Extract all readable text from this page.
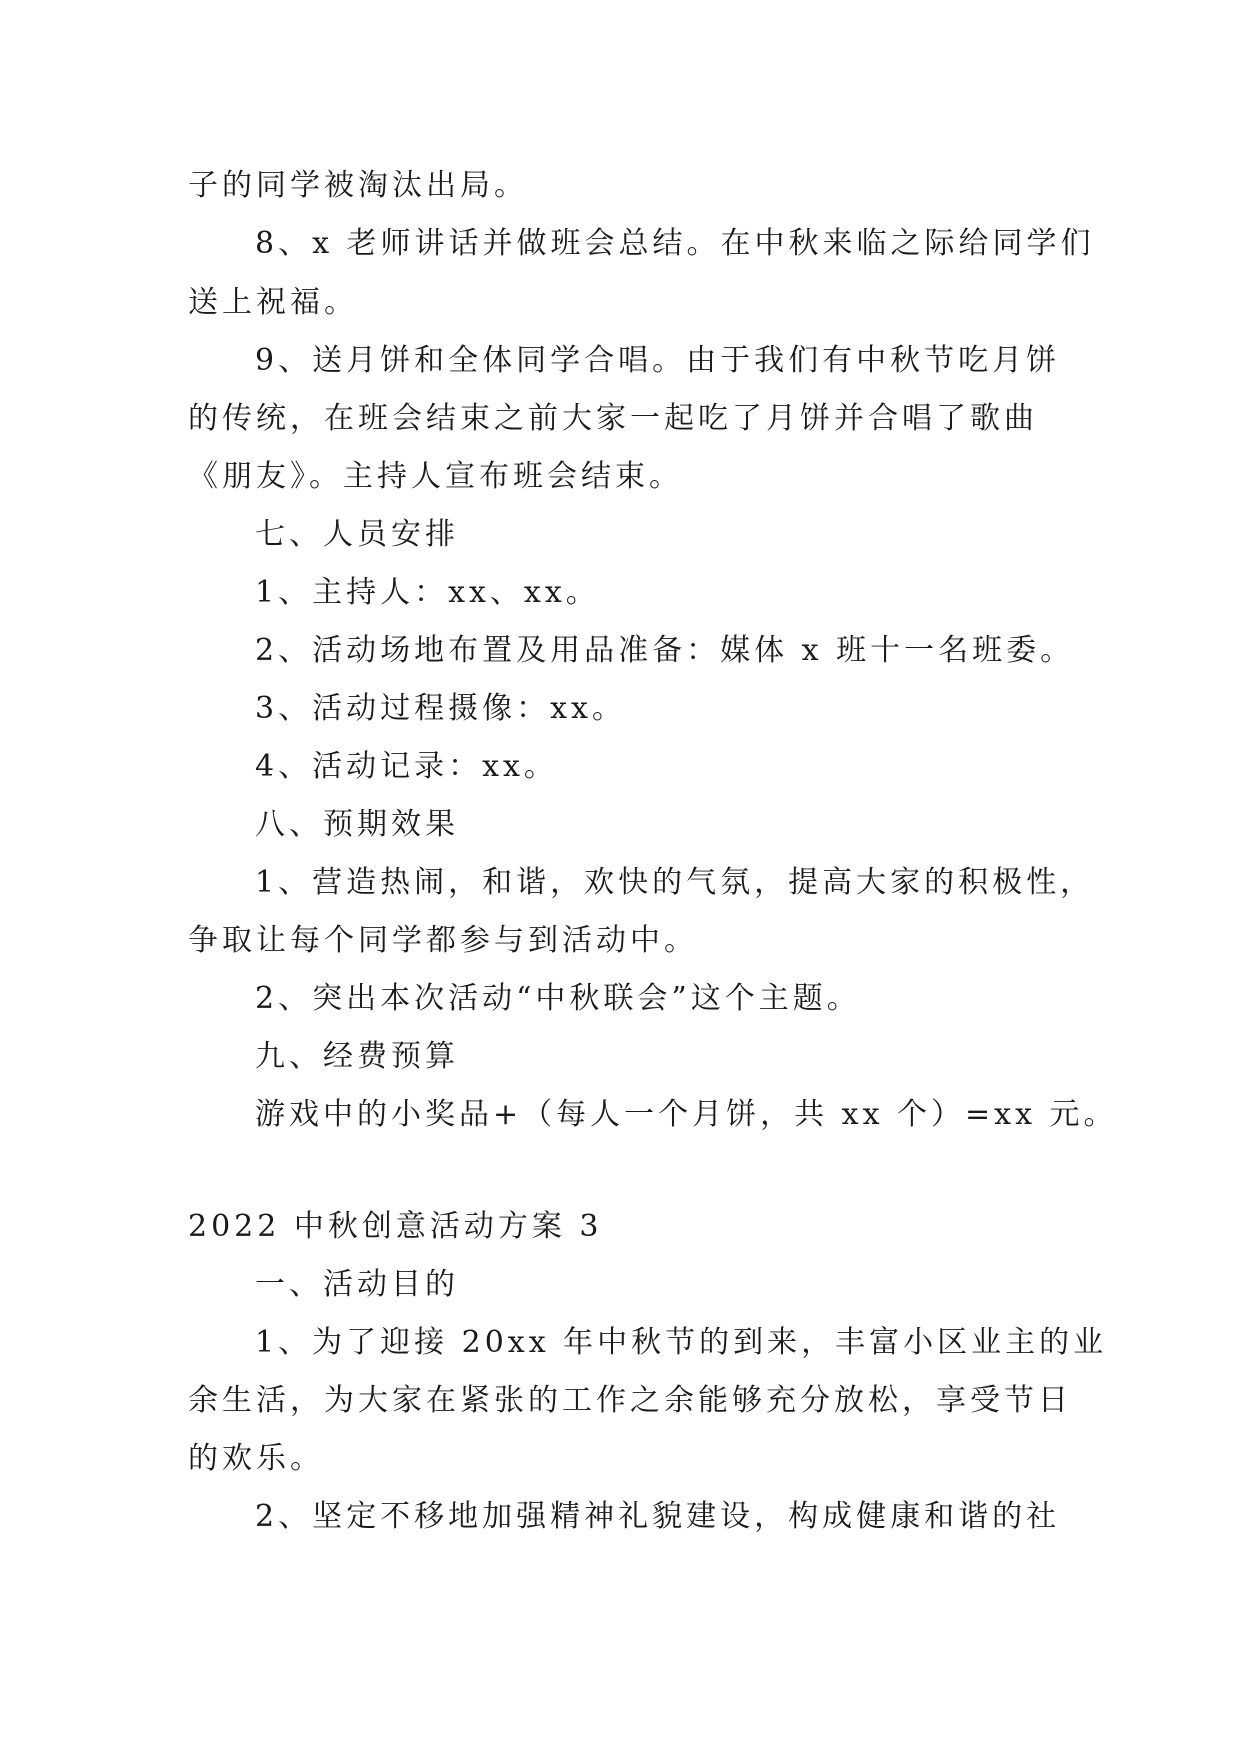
子的同学被淘汰出局。
8、x 老师讲话并做班会总结。在中秋来临之际给同学们
送上祝福。
9、送月饼和全体同学合唱。由于我们有中秋节吃月饼
的传统，在班会结束之前大家一起吃了月饼并合唱了歌曲
《朋友》。主持人宣布班会结束。
七、人员安排
1、主持人：xx、xx。
2、活动场地布置及用品准备：媒体 x 班十一名班委。
3、活动过程摄像：xx。
4、活动记录：xx。
八、预期效果
1、营造热闹，和谐，欢快的气氛，提高大家的积极性，
争取让每个同学都参与到活动中。
2、突出本次活动“中秋联会”这个主题。
九、经费预算
游戏中的小奖品+（每人一个月饼，共 xx 个）=xx 元。
2022 中秋创意活动方案 3
一、活动目的
1、为了迎接 20xx 年中秋节的到来，丰富小区业主的业
余生活，为大家在紧张的工作之余能够充分放松，享受节日
的欢乐。
2、坚定不移地加强精神礼貌建设，构成健康和谐的社
